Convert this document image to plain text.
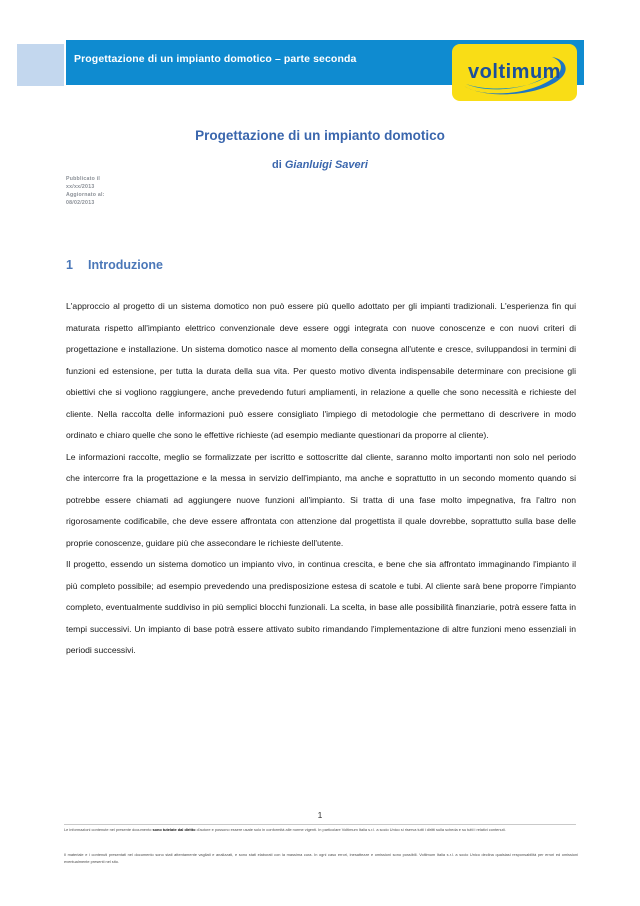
Progettazione di un impianto domotico – parte seconda
voltimum
Progettazione di un impianto domotico
di Gianluigi Saveri
Pubblicato il
xx/xx/2013
Aggiornato al:
08/02/2013
1 Introduzione

L'approccio al progetto di un sistema domotico non può essere più quello adottato per gli impianti tradizionali. L'esperienza fin qui maturata rispetto all'impianto elettrico convenzionale deve essere oggi integrata con nuove conoscenze e con nuovi criteri di progettazione e installazione. Un sistema domotico nasce al momento della consegna all'utente e cresce, sviluppandosi in termini di funzioni ed estensione, per tutta la durata della sua vita. Per questo motivo diventa indispensabile determinare con precisione gli obiettivi che si vogliono raggiungere, anche prevedendo futuri ampliamenti, in relazione a quelle che sono necessità e richieste del cliente. Nella raccolta delle informazioni può essere consigliato l'impiego di metodologie che permettano di descrivere in modo ordinato e chiaro quelle che sono le effettive richieste (ad esempio mediante questionari da proporre al cliente).

Le informazioni raccolte, meglio se formalizzate per iscritto e sottoscritte dal cliente, saranno molto importanti non solo nel periodo che intercorre fra la progettazione e la messa in servizio dell'impianto, ma anche e soprattutto in un secondo momento quando si potrebbe essere chiamati ad aggiungere nuove funzioni all'impianto. Si tratta di una fase molto impegnativa, fra l'altro non rigorosamente codificabile, che deve essere affrontata con attenzione dal progettista il quale dovrebbe, soprattutto sulla base delle proprie conoscenze, guidare più che assecondare le richieste dell'utente.

Il progetto, essendo un sistema domotico un impianto vivo, in continua crescita, e bene che sia affrontato immaginando l'impianto il più completo possibile; ad esempio prevedendo una predisposizione estesa di scatole e tubi. Al cliente sarà bene proporre l'impianto completo, eventualmente suddiviso in più semplici blocchi funzionali. La scelta, in base alle possibilità finanziarie, potrà essere fatta in tempi successivi. Un impianto di base potrà essere attivato subito rimandando l'implementazione di altre funzioni meno essenziali in periodi successivi.

1
Le informazioni contenute nel presente documento sono tutelate dal diritto d'autore e possono essere usate solo in conformità alle norme vigenti. In particolare Voltimum Italia s.r.l. a socio Unico si riserva tutti i diritti sulla scheda e su tutti i relativi contenuti.
Il materiale e i contenuti presentati nel documento sono stati attentamente vagliati e analizzati, e sono stati elaborati con la massima cura. In ogni caso errori, inesattezze e omissioni sono possibili. Voltimum Italia s.r.l. a socio Unico declina qualsiasi responsabilità per errori ed omissioni eventualmente presenti nel sito.
